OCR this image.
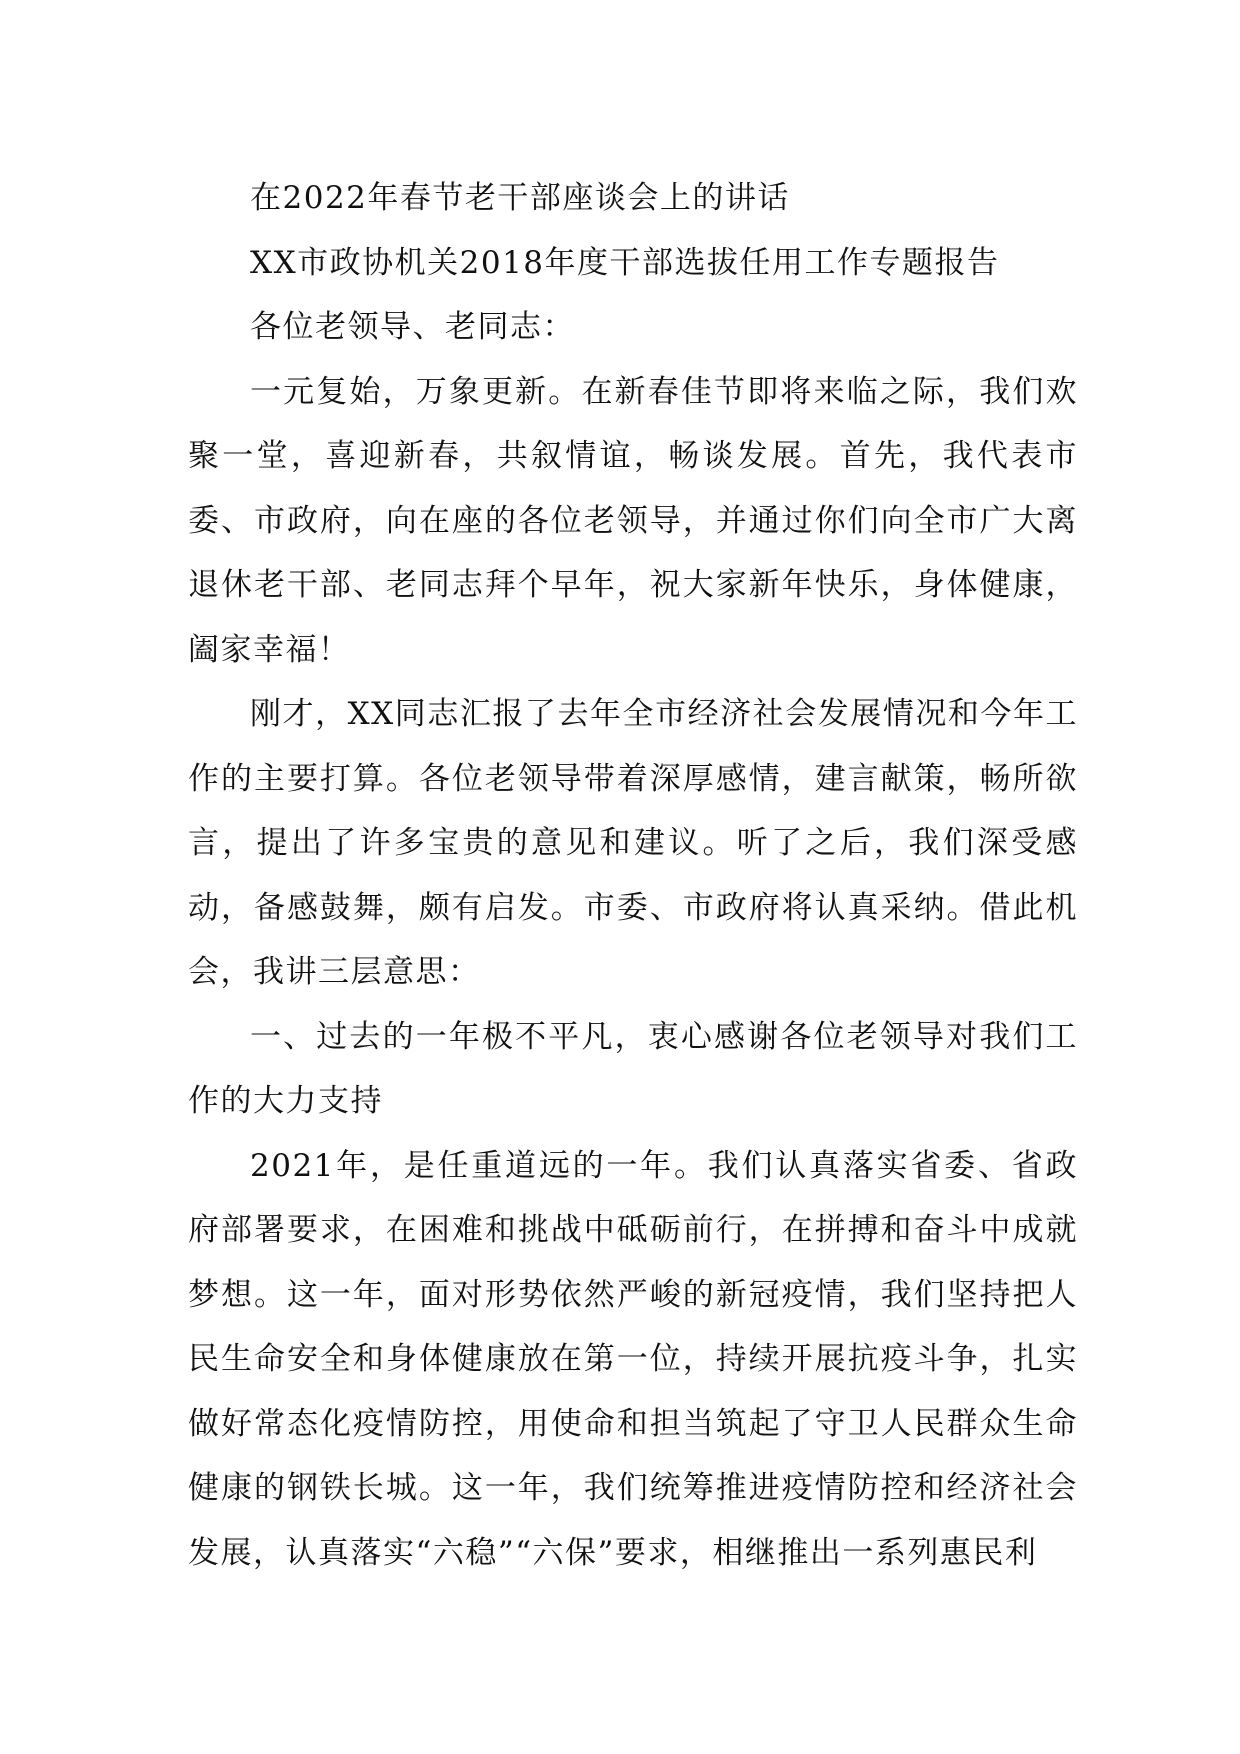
在2022年春节老干部座谈会上的讲话

XX市政协机关2018年度干部选拔任用工作专题报告

各位老领导、老同志：

一元复始，万象更新。在新春佳节即将来临之际，我们欢聚一堂，喜迎新春，共叙情谊，畅谈发展。首先，我代表市委、市政府，向在座的各位老领导，并通过你们向全市广大离退休老干部、老同志拜个早年，祝大家新年快乐，身体健康，阖家幸福！

刚才，XX同志汇报了去年全市经济社会发展情况和今年工作的主要打算。各位老领导带着深厚感情，建言献策，畅所欲言，提出了许多宝贵的意见和建议。听了之后，我们深受感动，备感鼓舞，颇有启发。市委、市政府将认真采纳。借此机会，我讲三层意思：

一、过去的一年极不平凡，衷心感谢各位老领导对我们工作的大力支持

2021年，是任重道远的一年。我们认真落实省委、省政府部署要求，在困难和挑战中砥砺前行，在拼搏和奋斗中成就梦想。这一年，面对形势依然严峻的新冠疫情，我们坚持把人民生命安全和身体健康放在第一位，持续开展抗疫斗争，扎实做好常态化疫情防控，用使命和担当筑起了守卫人民群众生命健康的钢铁长城。这一年，我们统筹推进疫情防控和经济社会发展，认真落实“六稳”“六保”要求，相继推出一系列惠民利
